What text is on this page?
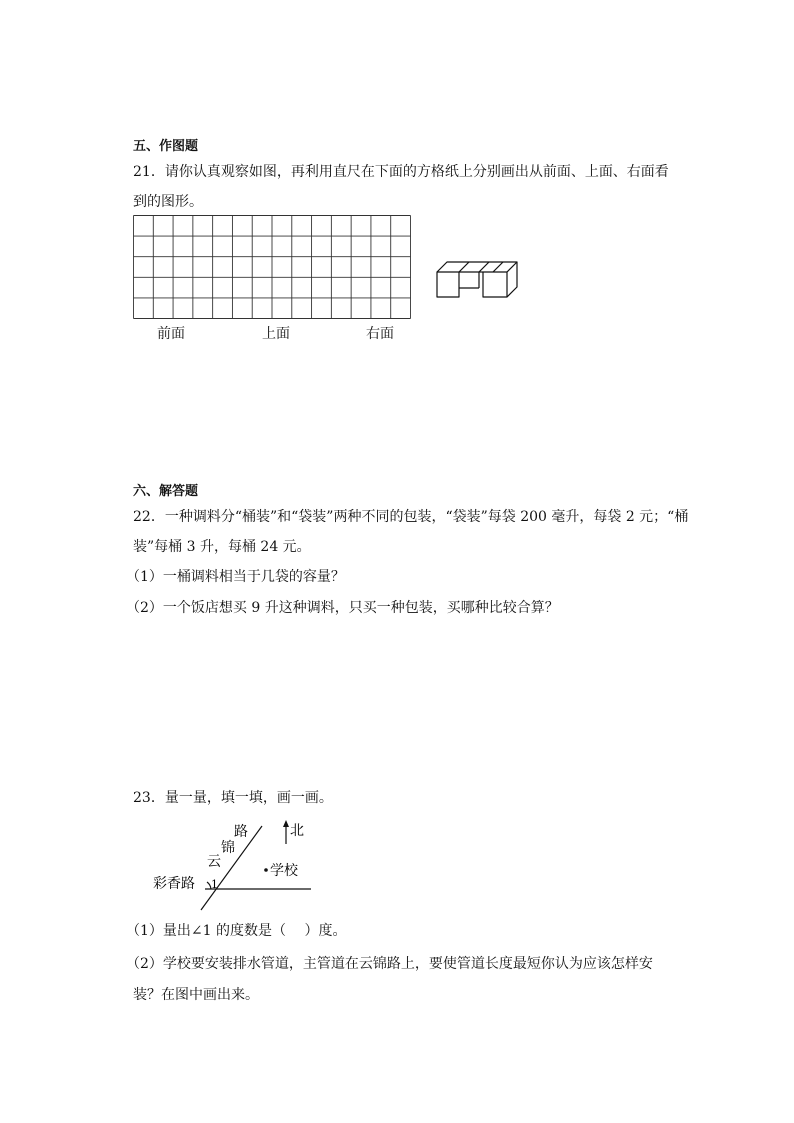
五、作图题
21．请你认真观察如图，再利用直尺在下面的方格纸上分别画出从前面、上面、右面看
到的图形。
前面	上面	右面
六、解答题
22．一种调料分“桶装”和“袋装”两种不同的包装，“袋装”每袋 200 毫升，每袋 2 元；“桶
装”每桶 3 升，每桶 24 元。
（1）一桶调料相当于几袋的容量？
（2）一个饭店想买 9 升这种调料，只买一种包装，买哪种比较合算？
23．量一量，填一填，画一画。
路
锦
云
北
学校
彩香路 1
（1）量出∠1 的度数是（　 ）度。
（2）学校要安装排水管道，主管道在云锦路上，要使管道长度最短你认为应该怎样安
装？在图中画出来。
